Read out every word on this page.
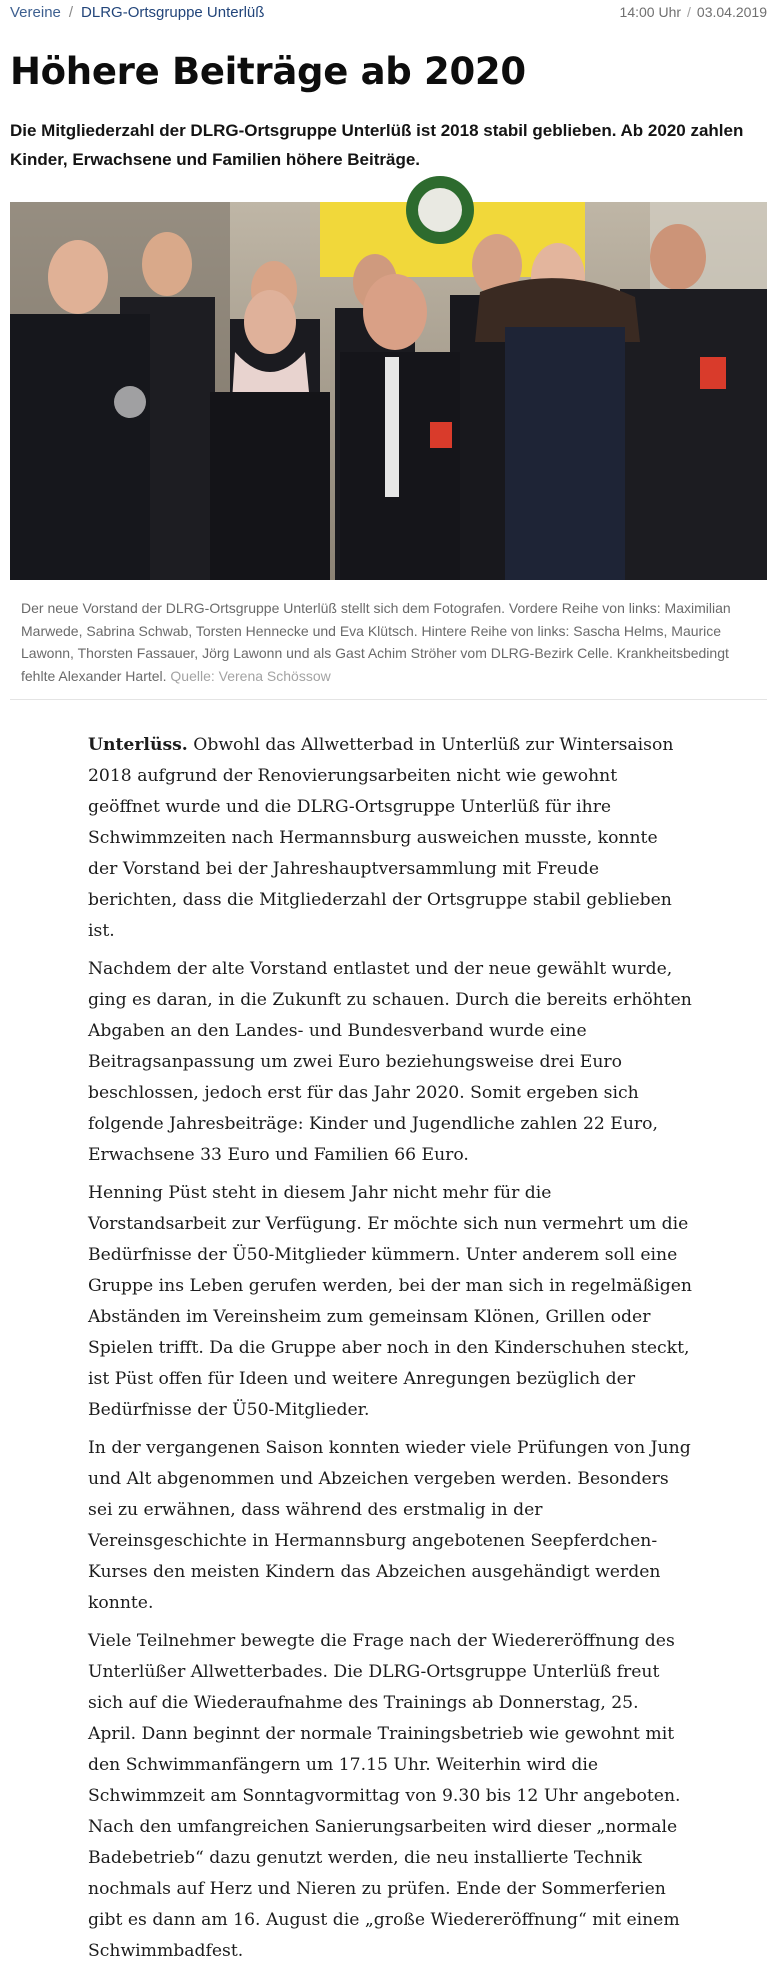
Vereine / DLRG-Ortsgruppe Unterlüß	14:00 Uhr / 03.04.2019
Höhere Beiträge ab 2020

Die Mitgliederzahl der DLRG-Ortsgruppe Unterlüß ist 2018 stabil geblieben. Ab 2020 zahlen Kinder, Erwachsene und Familien höhere Beiträge.

Der neue Vorstand der DLRG-Ortsgruppe Unterlüß stellt sich dem Fotografen. Vordere Reihe von links: Maximilian Marwede, Sabrina Schwab, Torsten Hennecke und Eva Klütsch. Hintere Reihe von links: Sascha Helms, Maurice Lawonn, Thorsten Fassauer, Jörg Lawonn und als Gast Achim Ströher vom DLRG-Bezirk Celle. Krankheitsbedingt fehlte Alexander Hartel. Quelle: Verena Schössow

Unterlüss. Obwohl das Allwetterbad in Unterlüß zur Wintersaison 2018 aufgrund der Renovierungsarbeiten nicht wie gewohnt geöffnet wurde und die DLRG-Ortsgruppe Unterlüß für ihre Schwimmzeiten nach Hermannsburg ausweichen musste, konnte der Vorstand bei der Jahreshauptversammlung mit Freude berichten, dass die Mitgliederzahl der Ortsgruppe stabil geblieben ist.

Nachdem der alte Vorstand entlastet und der neue gewählt wurde, ging es daran, in die Zukunft zu schauen. Durch die bereits erhöhten Abgaben an den Landes- und Bundesverband wurde eine Beitragsanpassung um zwei Euro beziehungsweise drei Euro beschlossen, jedoch erst für das Jahr 2020. Somit ergeben sich folgende Jahresbeiträge: Kinder und Jugendliche zahlen 22 Euro, Erwachsene 33 Euro und Familien 66 Euro.

Henning Püst steht in diesem Jahr nicht mehr für die Vorstandsarbeit zur Verfügung. Er möchte sich nun vermehrt um die Bedürfnisse der Ü50-Mitglieder kümmern. Unter anderem soll eine Gruppe ins Leben gerufen werden, bei der man sich in regelmäßigen Abständen im Vereinsheim zum gemeinsam Klönen, Grillen oder Spielen trifft. Da die Gruppe aber noch in den Kinderschuhen steckt, ist Püst offen für Ideen und weitere Anregungen bezüglich der Bedürfnisse der Ü50-Mitglieder.

In der vergangenen Saison konnten wieder viele Prüfungen von Jung und Alt abgenommen und Abzeichen vergeben werden. Besonders sei zu erwähnen, dass während des erstmalig in der Vereinsgeschichte in Hermannsburg angebotenen Seepferdchen-Kurses den meisten Kindern das Abzeichen ausgehändigt werden konnte.

Viele Teilnehmer bewegte die Frage nach der Wiedereröffnung des Unterlüßer Allwetterbades. Die DLRG-Ortsgruppe Unterlüß freut sich auf die Wiederaufnahme des Trainings ab Donnerstag, 25. April. Dann beginnt der normale Trainingsbetrieb wie gewohnt mit den Schwimmanfängern um 17.15 Uhr. Weiterhin wird die Schwimmzeit am Sonntagvormittag von 9.30 bis 12 Uhr angeboten. Nach den umfangreichen Sanierungsarbeiten wird dieser „normale Badebetrieb“ dazu genutzt werden, die neu installierte Technik nochmals auf Herz und Nieren zu prüfen. Ende der Sommerferien gibt es dann am 16. August die „große Wiedereröffnung“ mit einem Schwimmbadfest.
